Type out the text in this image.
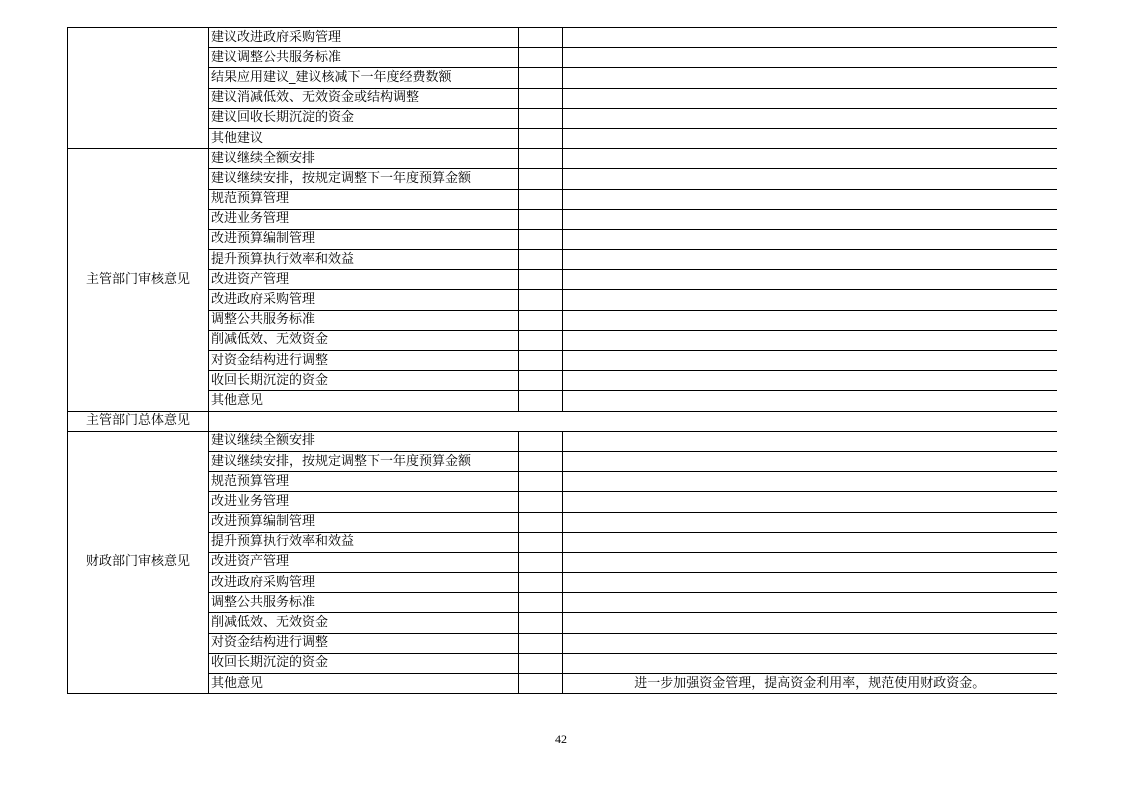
	建议改进政府采购管理		
	建议调整公共服务标准		
	结果应用建议_建议核减下一年度经费数额		
	建议消减低效、无效资金或结构调整		
	建议回收长期沉淀的资金		
	其他建议		
主管部门审核意见	建议继续全额安排		
	建议继续安排，按规定调整下一年度预算金额		
	规范预算管理		
	改进业务管理		
	改进预算编制管理		
	提升预算执行效率和效益		
	改进资产管理		
	改进政府采购管理		
	调整公共服务标准		
	削减低效、无效资金		
	对资金结构进行调整		
	收回长期沉淀的资金		
	其他意见		
主管部门总体意见			
财政部门审核意见	建议继续全额安排		
	建议继续安排，按规定调整下一年度预算金额		
	规范预算管理		
	改进业务管理		
	改进预算编制管理		
	提升预算执行效率和效益		
	改进资产管理		
	改进政府采购管理		
	调整公共服务标准		
	削减低效、无效资金		
	对资金结构进行调整		
	收回长期沉淀的资金		
	其他意见		进一步加强资金管理，提高资金利用率，规范使用财政资金。
42
